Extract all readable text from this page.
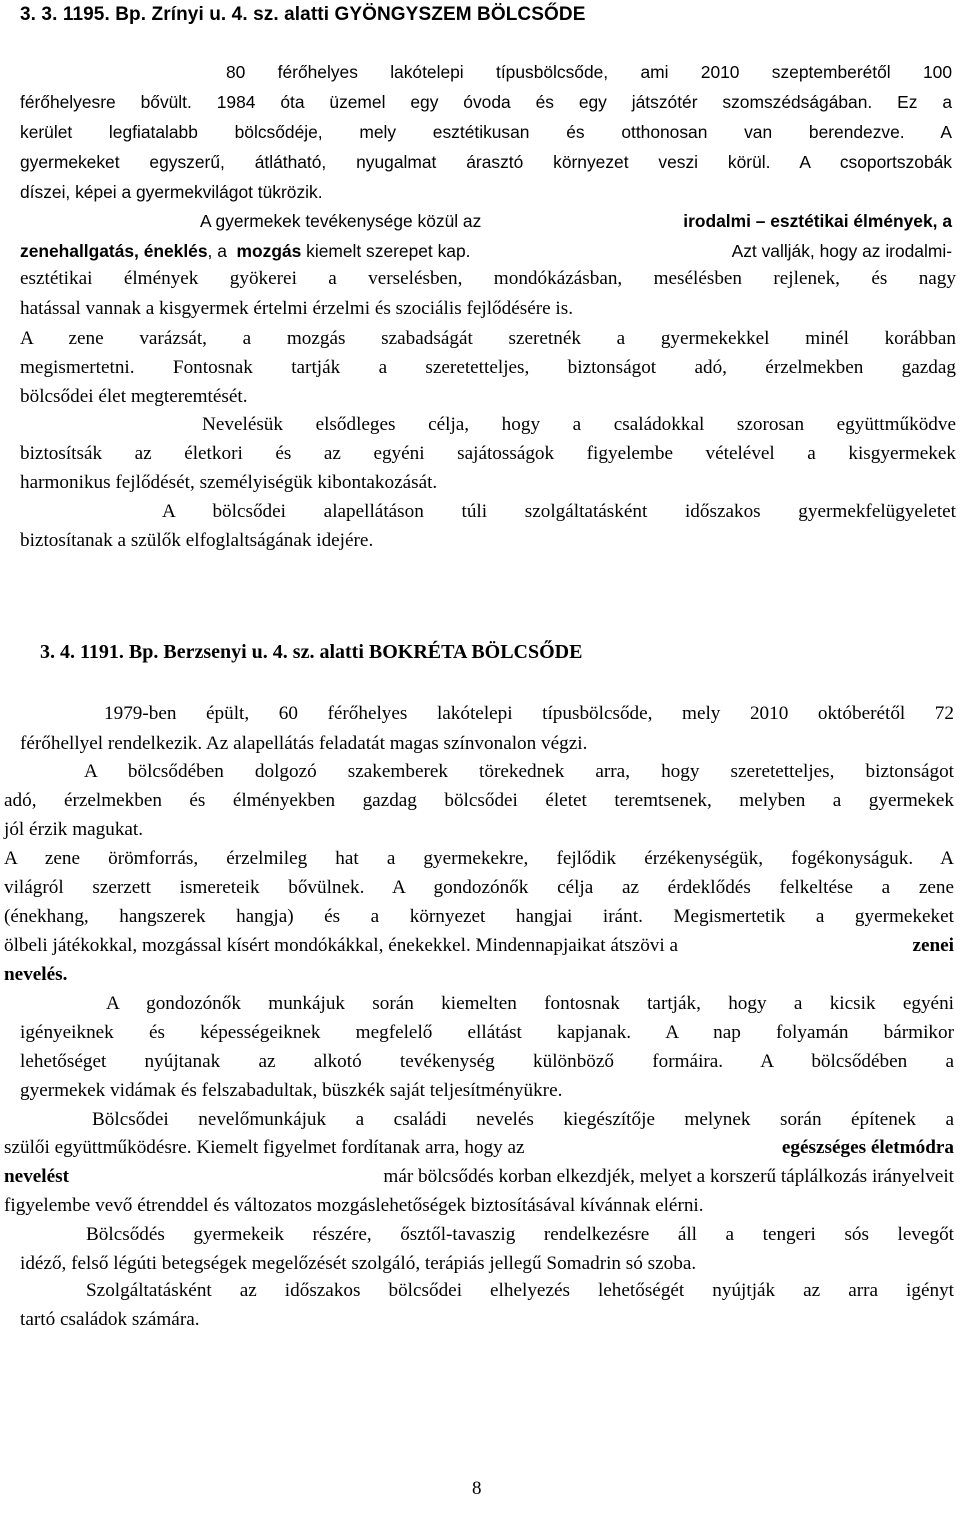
3. 3. 1195. Bp. Zrínyi u. 4. sz. alatti GYÖNGYSZEM BÖLCSŐDE
80 férőhelyes lakótelepi típusbölcsőde, ami 2010 szeptemberétől 100
férőhelyesre bővült. 1984 óta üzemel egy óvoda és egy játszótér szomszédságában. Ez a
kerület legfiatalabb bölcsődéje, mely esztétikusan és otthonosan van berendezve. A
gyermekeket egyszerű, átlátható, nyugalmat árasztó környezet veszi körül. A csoportszobák
díszei, képei a gyermekvilágot tükrözik.
A gyermekek tevékenysége közül az	irodalmi – esztétikai élmények, a
zenehallgatás, éneklés, a mozgás kiemelt szerepet kap.	Azt vallják, hogy az irodalmi-
esztétikai élmények gyökerei a verselésben, mondókázásban, mesélésben rejlenek, és nagy
hatással vannak a kisgyermek értelmi érzelmi és szociális fejlődésére is.
A zene varázsát, a mozgás szabadságát szeretnék a gyermekekkel minél korábban
megismertetni. Fontosnak tartják a szeretetteljes, biztonságot adó, érzelmekben gazdag
bölcsődei élet megteremtését.
Nevelésük elsődleges célja, hogy a családokkal szorosan együttműködve
biztosítsák az életkori és az egyéni sajátosságok figyelembe vételével a kisgyermekek
harmonikus fejlődését, személyiségük kibontakozását.
A bölcsődei alapellátáson túli szolgáltatásként időszakos gyermekfelügyeletet
biztosítanak a szülők elfoglaltságának idejére.
3. 4. 1191. Bp. Berzsenyi u. 4. sz. alatti BOKRÉTA BÖLCSŐDE
1979-ben épült, 60 férőhelyes lakótelepi típusbölcsőde, mely 2010 októberétől 72
férőhellyel rendelkezik. Az alapellátás feladatát magas színvonalon végzi.
A bölcsődében dolgozó szakemberek törekednek arra, hogy szeretetteljes, biztonságot
adó, érzelmekben és élményekben gazdag bölcsődei életet teremtsenek, melyben a gyermekek
jól érzik magukat.
A zene örömforrás, érzelmileg hat a gyermekekre, fejlődik érzékenységük, fogékonyságuk. A
világról szerzett ismereteik bővülnek. A gondozónők célja az érdeklődés felkeltése a zene
(énekhang, hangszerek hangja) és a környezet hangjai iránt. Megismertetik a gyermekeket
ölbeli játékokkal, mozgással kísért mondókákkal, énekekkel. Mindennapjaikat átszövi a	zenei
nevelés.
A gondozónők munkájuk során kiemelten fontosnak tartják, hogy a kicsik egyéni
igényeiknek és képességeiknek megfelelő ellátást kapjanak. A nap folyamán bármikor
lehetőséget nyújtanak az alkotó tevékenység különböző formáira. A bölcsődében a
gyermekek vidámak és felszabadultak, büszkék saját teljesítményükre.
Bölcsődei nevelőmunkájuk a családi nevelés kiegészítője melynek során építenek a
szülői együttműködésre. Kiemelt figyelmet fordítanak arra, hogy az	egészséges életmódra
nevelést	már bölcsődés korban elkezdjék, melyet a korszerű táplálkozás irányelveit
figyelembe vevő étrenddel és változatos mozgáslehetőségek biztosításával kívánnak elérni.
Bölcsődés gyermekeik részére, ősztől-tavaszig rendelkezésre áll a tengeri sós levegőt
idéző, felső légúti betegségek megelőzését szolgáló, terápiás jellegű Somadrin só szoba.
Szolgáltatásként az időszakos bölcsődei elhelyezés lehetőségét nyújtják az arra igényt
tartó családok számára.
8
